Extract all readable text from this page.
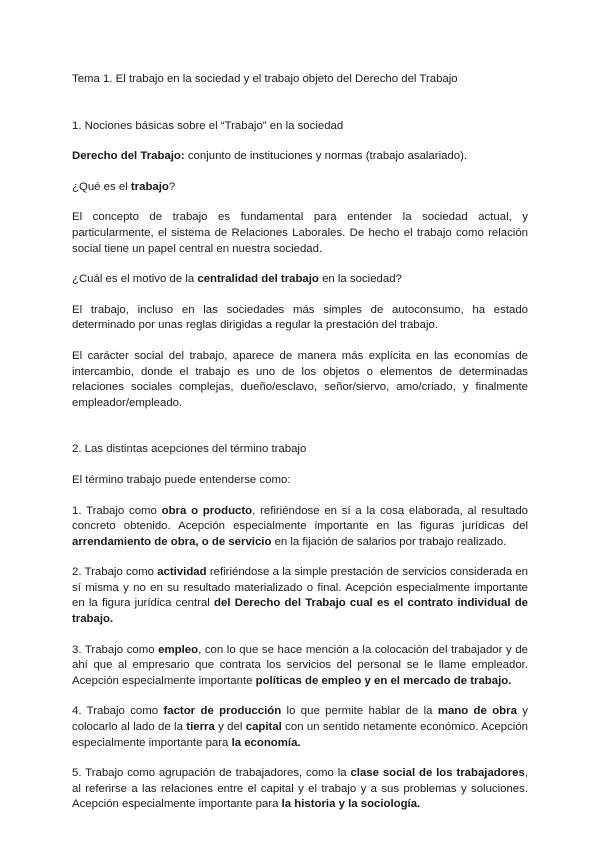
Tema 1. El trabajo en la sociedad y el trabajo objeto del Derecho del Trabajo

1. Nociones básicas sobre el “Trabajo” en la sociedad

Derecho del Trabajo: conjunto de instituciones y normas (trabajo asalariado).

¿Qué es el trabajo?

El concepto de trabajo es fundamental para entender la sociedad actual, y particularmente, el sistema de Relaciones Laborales. De hecho el trabajo como relación social tiene un papel central en nuestra sociedad.

¿Cuál es el motivo de la centralidad del trabajo en la sociedad?

El trabajo, incluso en las sociedades más simples de autoconsumo, ha estado determinado por unas reglas dirigidas a regular la prestación del trabajo.

El carácter social del trabajo, aparece de manera más explícita en las economías de intercambio, donde el trabajo es uno de los objetos o elementos de determinadas relaciones sociales complejas, dueño/esclavo, señor/siervo, amo/criado, y finalmente empleador/empleado.

2. Las distintas acepciones del término trabajo

El término trabajo puede entenderse como:

1. Trabajo como obra o producto, refiriéndose en sí a la cosa elaborada, al resultado concreto obtenido. Acepción especialmente importante en las figuras jurídicas del arrendamiento de obra, o de servicio en la fijación de salarios por trabajo realizado.

2. Trabajo como actividad refiriéndose a la simple prestación de servicios considerada en sí misma y no en su resultado materializado o final. Acepción especialmente importante en la figura jurídica central del Derecho del Trabajo cual es el contrato individual de trabajo.

3. Trabajo como empleo, con lo que se hace mención a la colocación del trabajador y de ahí que al empresario que contrata los servicios del personal se le llame empleador. Acepción especialmente importante políticas de empleo y en el mercado de trabajo.

4. Trabajo como factor de producción lo que permite hablar de la mano de obra y colocarlo al lado de la tierra y del capital con un sentido netamente económico. Acepción especialmente importante para la economía.

5. Trabajo como agrupación de trabajadores, como la clase social de los trabajadores, al referirse a las relaciones entre el capital y el trabajo y a sus problemas y soluciones. Acepción especialmente importante para la historia y la sociología.
